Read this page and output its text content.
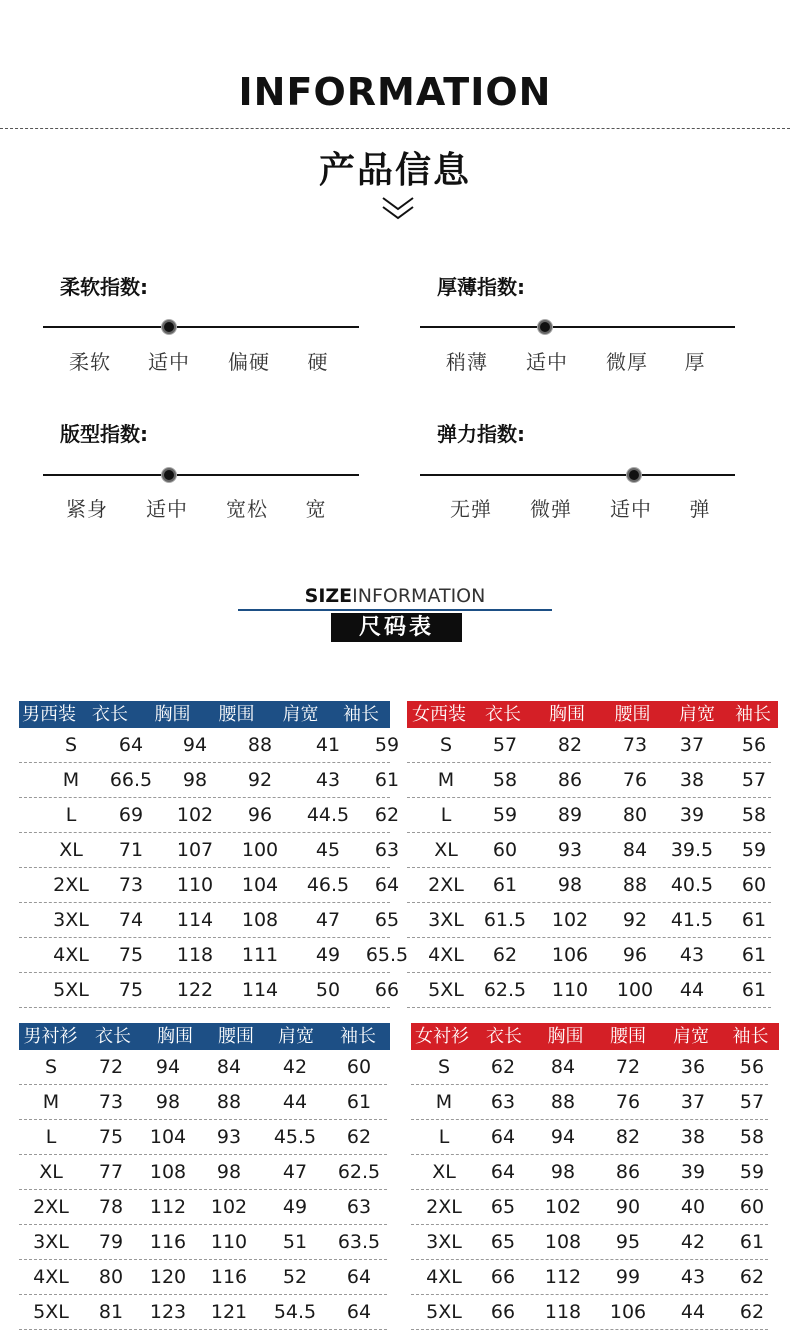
INFORMATION
产品信息
柔软指数:
柔软	适中	偏硬	硬
厚薄指数:
稍薄	适中	微厚	厚
版型指数:
紧身	适中	宽松	宽
弹力指数:
无弹	微弹	适中	弹
SIZEINFORMATION
尺码表
男西装 衣长	胸围	腰围	肩宽	袖长
S	64	94	88	41	59
M	66.5	98	92	43	61
L	69	102	96	44.5	62
XL	71	107	100	45	63
2XL	73	110	104	46.5	64
3XL	74	114	108	47	65
4XL	75	118	111	49	65.5
5XL	75	122	114	50	66
女西装	衣长	胸围	腰围	肩宽	袖长
S	57	82	73	37	56
M	58	86	76	38	57
L	59	89	80	39	58
XL	60	93	84	39.5	59
2XL	61	98	88	40.5	60
3XL	61.5	102	92	41.5	61
4XL	62	106	96	43	61
5XL	62.5	110	100	44	61
男衬衫 衣长	胸围	腰围	肩宽	袖长
S	72	94	84	42	60
M	73	98	88	44	61
L	75	104	93	45.5	62
XL	77	108	98	47	62.5
2XL	78	112	102	49	63
3XL	79	116	110	51	63.5
4XL	80	120	116	52	64
5XL	81	123	121	54.5	64
女衬衫 衣长	胸围	腰围	肩宽	袖长
S	62	84	72	36	56
M	63	88	76	37	57
L	64	94	82	38	58
XL	64	98	86	39	59
2XL	65	102	90	40	60
3XL	65	108	95	42	61
4XL	66	112	99	43	62
5XL	66	118	106	44	62
